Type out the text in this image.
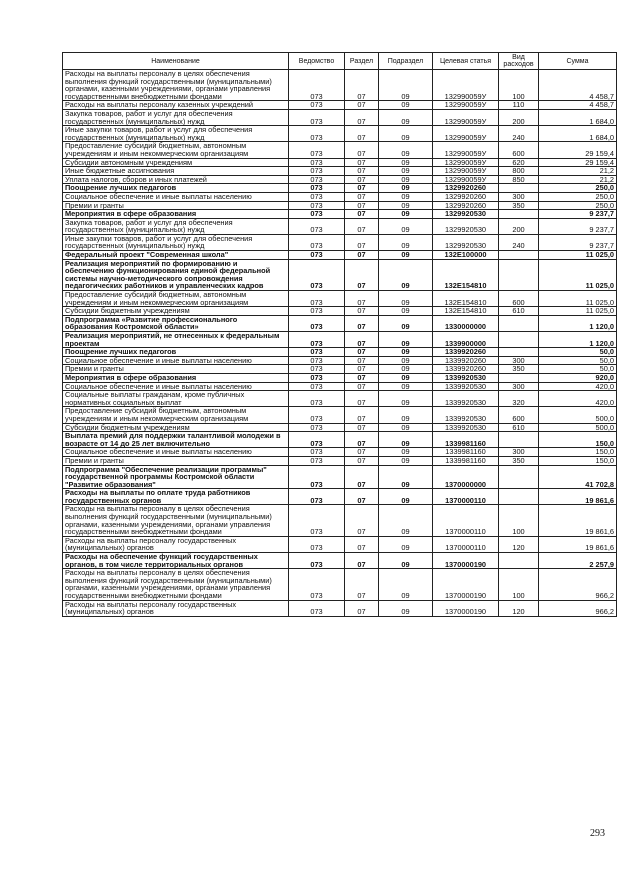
Наименование	Ведомство	Раздел	Подраздел	Целевая статья	Вид расходов	Сумма
Расходы на выплаты персоналу в целях обеспечения выполнения функций государственными (муниципальными) органами, казенными учреждениями, органами управления государственными внебюджетными фондами	073	07	09	132990059У	100	4 458,7
Расходы на выплаты персоналу казенных учреждений	073	07	09	132990059У	110	4 458,7
Закупка товаров, работ и услуг для обеспечения государственных (муниципальных) нужд	073	07	09	132990059У	200	1 684,0
Иные закупки товаров, работ и услуг для обеспечения государственных (муниципальных) нужд	073	07	09	132990059У	240	1 684,0
Предоставление субсидий бюджетным, автономным учреждениям и иным некоммерческим организациям	073	07	09	132990059У	600	29 159,4
Субсидии автономным учреждениям	073	07	09	132990059У	620	29 159,4
Иные бюджетные ассигнования	073	07	09	132990059У	800	21,2
Уплата налогов, сборов и иных платежей	073	07	09	132990059У	850	21,2
Поощрение лучших педагогов	073	07	09	1329920260		250,0
Социальное обеспечение и иные выплаты населению	073	07	09	1329920260	300	250,0
Премии и гранты	073	07	09	1329920260	350	250,0
Мероприятия в сфере образования	073	07	09	1329920530		9 237,7
Закупка товаров, работ и услуг для обеспечения государственных (муниципальных) нужд	073	07	09	1329920530	200	9 237,7
Иные закупки товаров, работ и услуг для обеспечения государственных (муниципальных) нужд	073	07	09	1329920530	240	9 237,7
Федеральный проект "Современная школа"	073	07	09	132E100000		11 025,0
Реализация мероприятий по формированию и обеспечению функционирования единой федеральной системы научно-методического сопровождения педагогических работников и управленческих кадров	073	07	09	132E154810		11 025,0
Предоставление субсидий бюджетным, автономным учреждениям и иным некоммерческим организациям	073	07	09	132E154810	600	11 025,0
Субсидии бюджетным учреждениям	073	07	09	132E154810	610	11 025,0
Подпрограмма «Развитие профессионального образования Костромской области»	073	07	09	1330000000		1 120,0
Реализация мероприятий, не отнесенных к федеральным проектам	073	07	09	1339900000		1 120,0
Поощрение лучших педагогов	073	07	09	1339920260		50,0
Социальное обеспечение и иные выплаты населению	073	07	09	1339920260	300	50,0
Премии и гранты	073	07	09	1339920260	350	50,0
Мероприятия в сфере образования	073	07	09	1339920530		920,0
Социальное обеспечение и иные выплаты населению	073	07	09	1339920530	300	420,0
Социальные выплаты гражданам, кроме публичных нормативных социальных выплат	073	07	09	1339920530	320	420,0
Предоставление субсидий бюджетным, автономным учреждениям и иным некоммерческим организациям	073	07	09	1339920530	600	500,0
Субсидии бюджетным учреждениям	073	07	09	1339920530	610	500,0
Выплата премий для поддержки талантливой молодежи в возрасте от 14 до 25 лет включительно	073	07	09	1339981160		150,0
Социальное обеспечение и иные выплаты населению	073	07	09	1339981160	300	150,0
Премии и гранты	073	07	09	1339981160	350	150,0
Подпрограмма "Обеспечение реализации программы" государственной программы Костромской области "Развитие образования"	073	07	09	1370000000		41 702,8
Расходы на выплаты по оплате труда работников государственных органов	073	07	09	1370000110		19 861,6
Расходы на выплаты персоналу в целях обеспечения выполнения функций государственными (муниципальными) органами, казенными учреждениями, органами управления государственными внебюджетными фондами	073	07	09	1370000110	100	19 861,6
Расходы на выплаты персоналу государственных (муниципальных) органов	073	07	09	1370000110	120	19 861,6
Расходы на обеспечение функций государственных органов, в том числе территориальных органов	073	07	09	1370000190		2 257,9
Расходы на выплаты персоналу в целях обеспечения выполнения функций государственными (муниципальными) органами, казенными учреждениями, органами управления государственными внебюджетными фондами	073	07	09	1370000190	100	966,2
Расходы на выплаты персоналу государственных (муниципальных) органов	073	07	09	1370000190	120	966,2
293
